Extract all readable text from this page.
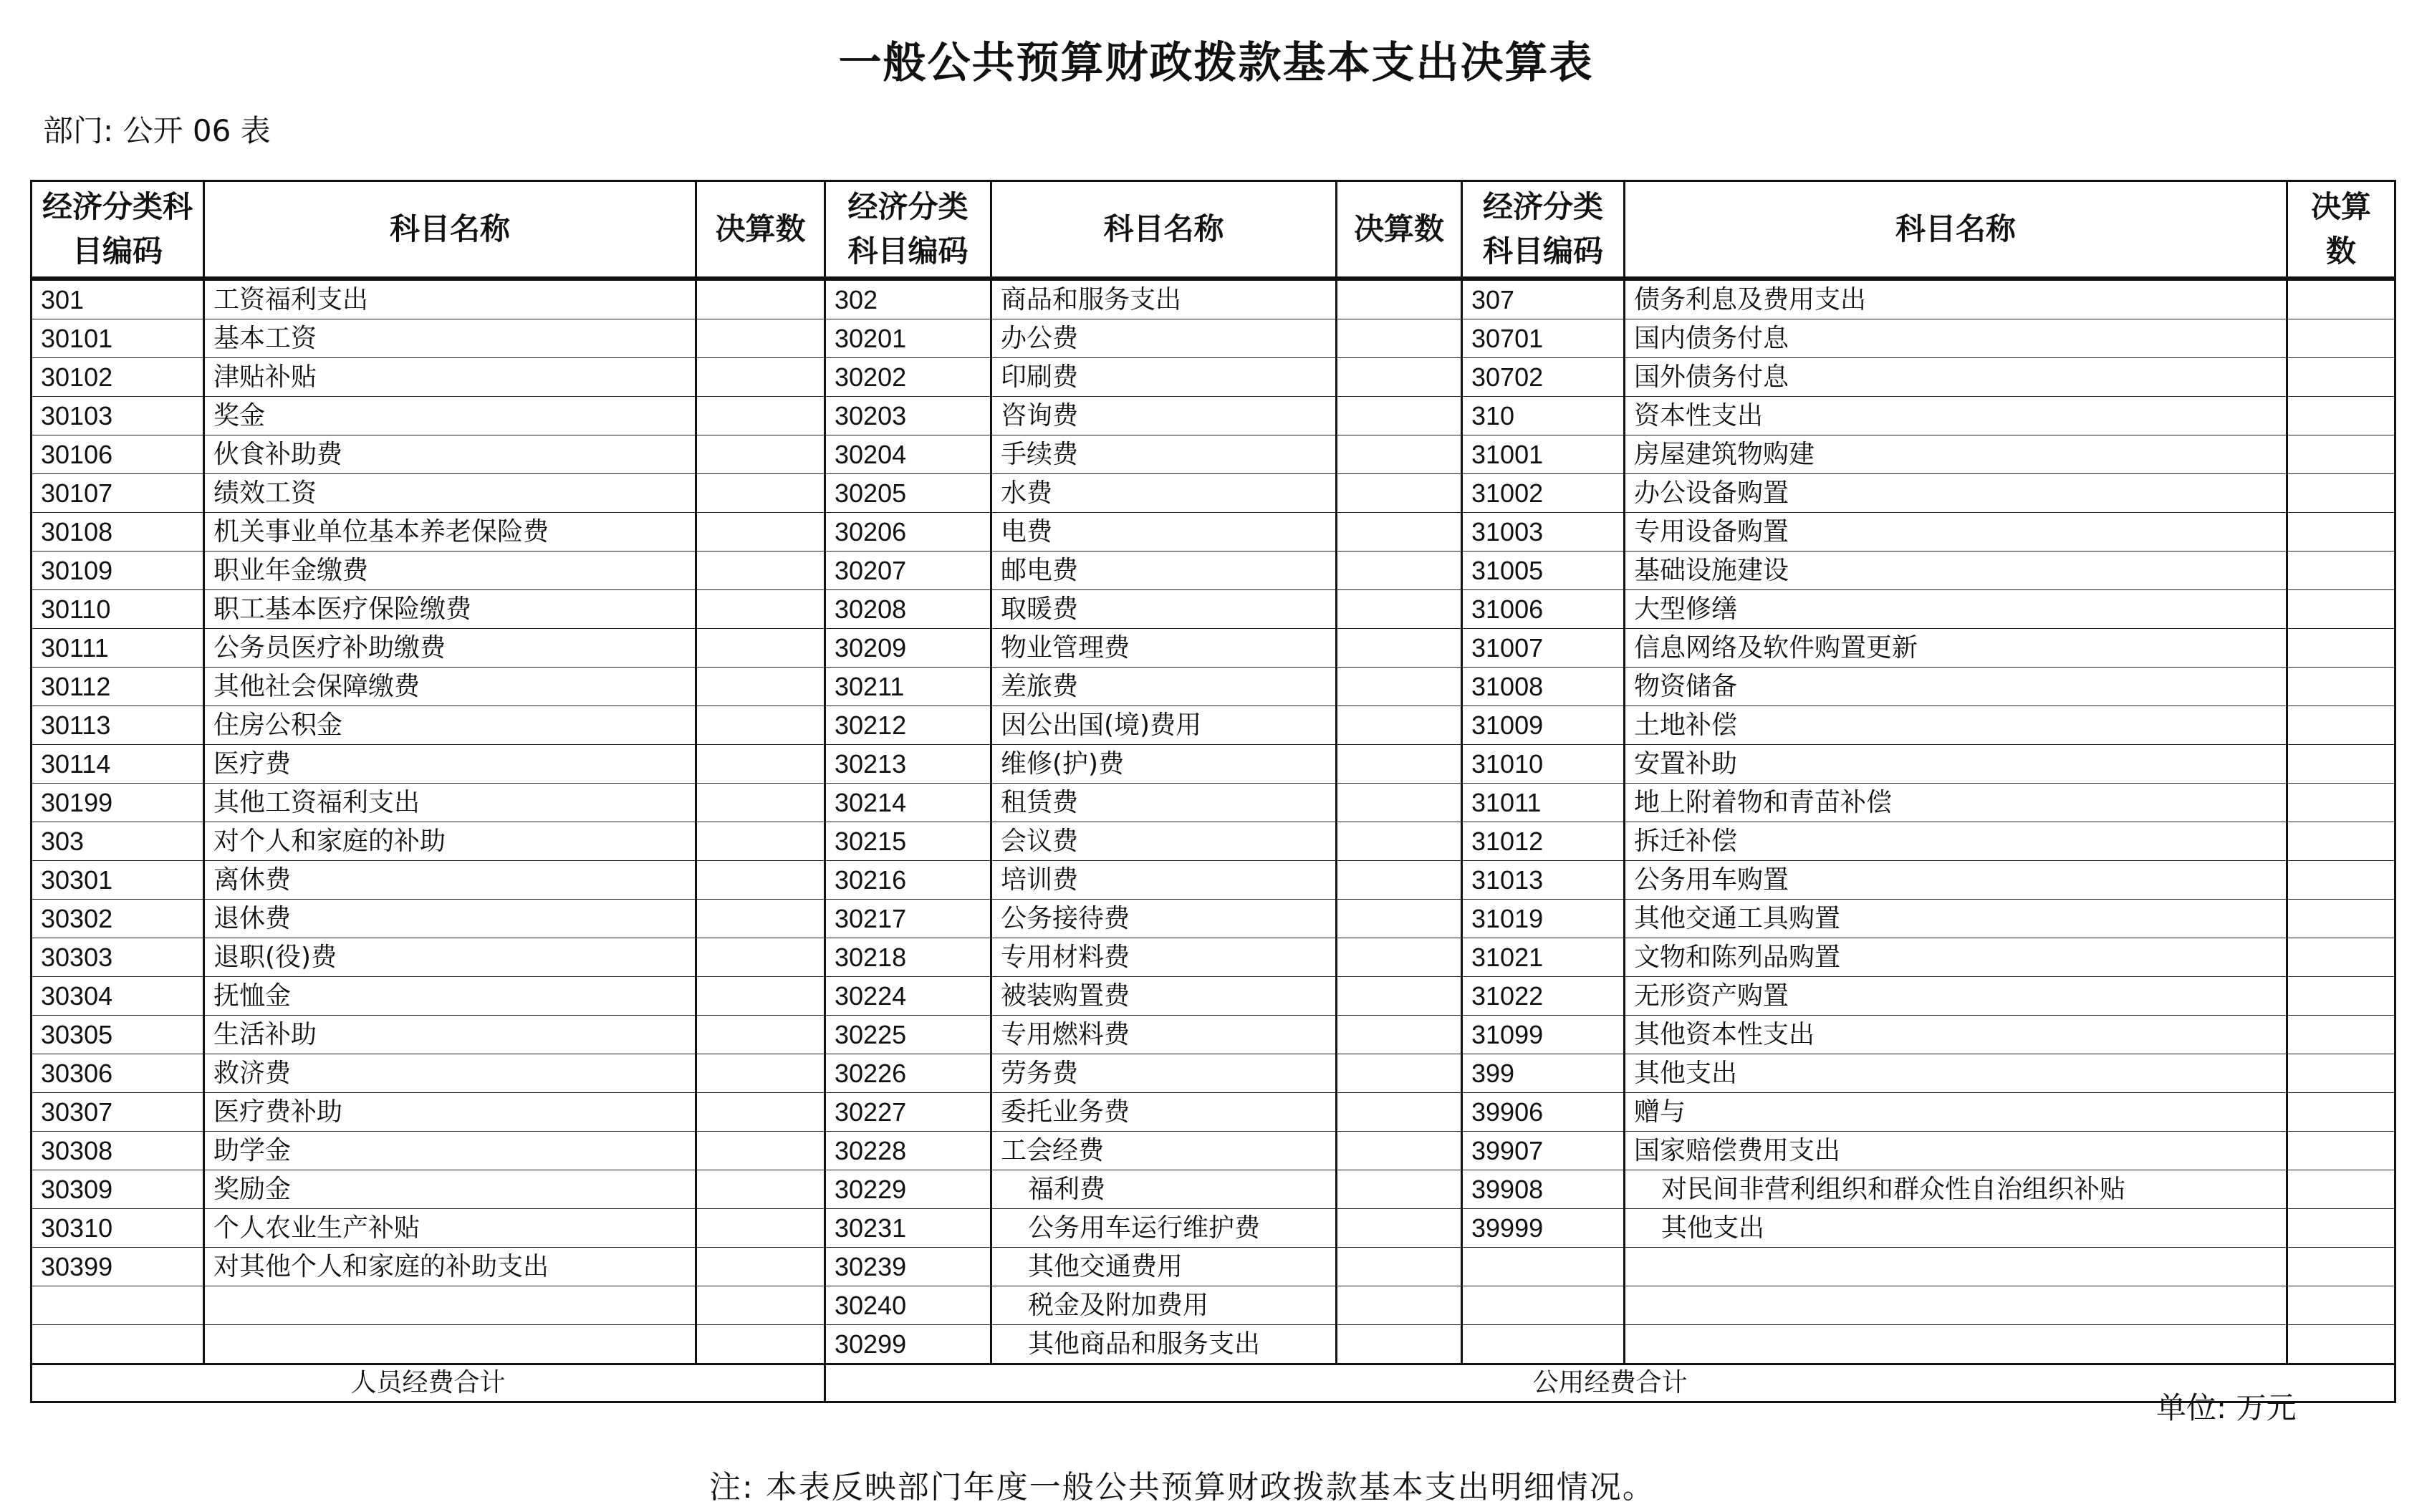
一般公共预算财政拨款基本支出决算表
部门: 公开 06 表
经济分类科目编码	科目名称	决算数	经济分类科目编码	科目名称	决算数	经济分类科目编码	科目名称	决算数
301	工资福利支出		302	商品和服务支出		307	债务利息及费用支出	
30101	基本工资		30201	办公费		30701	国内债务付息	
30102	津贴补贴		30202	印刷费		30702	国外债务付息	
30103	奖金		30203	咨询费		310	资本性支出	
30106	伙食补助费		30204	手续费		31001	房屋建筑物购建	
30107	绩效工资		30205	水费		31002	办公设备购置	
30108	机关事业单位基本养老保险费		30206	电费		31003	专用设备购置	
30109	职业年金缴费		30207	邮电费		31005	基础设施建设	
30110	职工基本医疗保险缴费		30208	取暖费		31006	大型修缮	
30111	公务员医疗补助缴费		30209	物业管理费		31007	信息网络及软件购置更新	
30112	其他社会保障缴费		30211	差旅费		31008	物资储备	
30113	住房公积金		30212	因公出国(境)费用		31009	土地补偿	
30114	医疗费		30213	维修(护)费		31010	安置补助	
30199	其他工资福利支出		30214	租赁费		31011	地上附着物和青苗补偿	
303	对个人和家庭的补助		30215	会议费		31012	拆迁补偿	
30301	离休费		30216	培训费		31013	公务用车购置	
30302	退休费		30217	公务接待费		31019	其他交通工具购置	
30303	退职(役)费		30218	专用材料费		31021	文物和陈列品购置	
30304	抚恤金		30224	被装购置费		31022	无形资产购置	
30305	生活补助		30225	专用燃料费		31099	其他资本性支出	
30306	救济费		30226	劳务费		399	其他支出	
30307	医疗费补助		30227	委托业务费		39906	赠与	
30308	助学金		30228	工会经费		39907	国家赔偿费用支出	
30309	奖励金		30229	福利费		39908	对民间非营利组织和群众性自治组织补贴	
30310	个人农业生产补贴		30231	公务用车运行维护费		39999	其他支出	
30399	对其他个人和家庭的补助支出		30239	其他交通费用				
			30240	税金及附加费用				
			30299	其他商品和服务支出				
人员经费合计			公用经费合计					
单位: 万元
注: 本表反映部门年度一般公共预算财政拨款基本支出明细情况。
